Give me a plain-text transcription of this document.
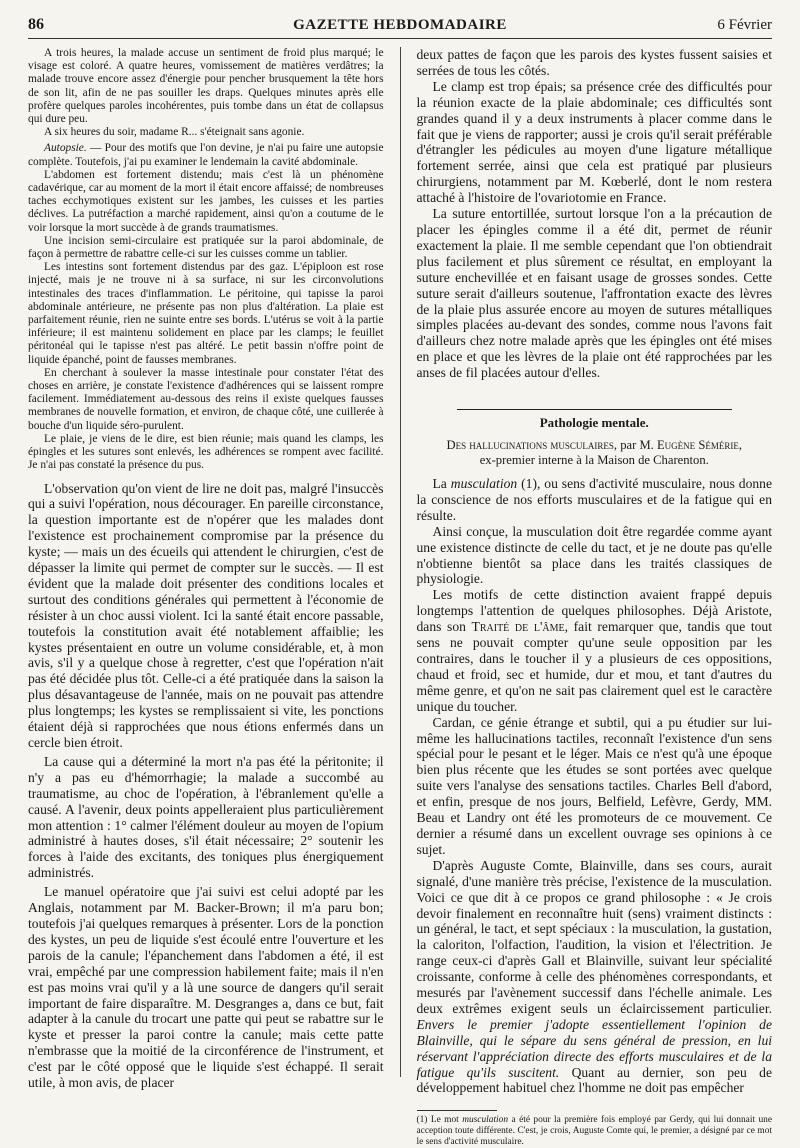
86	GAZETTE HEBDOMADAIRE	6 Février

A trois heures, la malade accuse un sentiment de froid plus marqué; le visage est coloré. A quatre heures, vomissement de matières verdâtres; la malade trouve encore assez d'énergie pour pencher brusquement la tête hors de son lit, afin de ne pas souiller les draps. Quelques minutes après elle profère quelques paroles incohérentes, puis tombe dans un état de collapsus qui dure peu.

A six heures du soir, madame R... s'éteignait sans agonie.

Autopsie. — Pour des motifs que l'on devine, je n'ai pu faire une autopsie complète. Toutefois, j'ai pu examiner le lendemain la cavité abdominale.

L'abdomen est fortement distendu; mais c'est là un phénomène cadavérique, car au moment de la mort il était encore affaissé; de nombreuses taches ecchymotiques existent sur les jambes, les cuisses et les parties déclives. La putréfaction a marché rapidement, ainsi qu'on a coutume de le voir lorsque la mort succède à de grands traumatismes.

Une incision semi-circulaire est pratiquée sur la paroi abdominale, de façon à permettre de rabattre celle-ci sur les cuisses comme un tablier.

Les intestins sont fortement distendus par des gaz. L'épiploon est rose injecté, mais je ne trouve ni à sa surface, ni sur les circonvolutions intestinales des traces d'inflammation. Le péritoine, qui tapisse la paroi abdominale antérieure, ne présente pas non plus d'altération. La plaie est parfaitement réunie, rien ne suinte entre ses bords. L'utérus se voit à la partie inférieure; il est maintenu solidement en place par les clamps; le feuillet péritonéal qui le tapisse n'est pas altéré. Le petit bassin n'offre point de liquide épanché, point de fausses membranes.

En cherchant à soulever la masse intestinale pour constater l'état des choses en arrière, je constate l'existence d'adhérences qui se laissent rompre facilement. Immédiatement au-dessous des reins il existe quelques fausses membranes de nouvelle formation, et environ, de chaque côté, une cuillerée à bouche d'un liquide séro-purulent.

Le plaie, je viens de le dire, est bien réunie; mais quand les clamps, les épingles et les sutures sont enlevés, les adhérences se rompent avec facilité. Je n'ai pas constaté la présence du pus.

L'observation qu'on vient de lire ne doit pas, malgré l'insuccès qui a suivi l'opération, nous décourager. En pareille circonstance, la question importante est de n'opérer que les malades dont l'existence est prochainement compromise par la présence du kyste; — mais un des écueils qui attendent le chirurgien, c'est de dépasser la limite qui permet de compter sur le succès. — Il est évident que la malade doit présenter des conditions locales et surtout des conditions générales qui permettent à l'économie de résister à un choc aussi violent. Ici la santé était encore passable, toutefois la constitution avait été notablement affaiblie; les kystes présentaient en outre un volume considérable, et, à mon avis, s'il y a quelque chose à regretter, c'est que l'opération n'ait pas été décidée plus tôt. Celle-ci a été pratiquée dans la saison la plus désavantageuse de l'année, mais on ne pouvait pas attendre plus longtemps; les kystes se remplissaient si vite, les ponctions étaient déjà si rapprochées que nous étions enfermés dans un cercle bien étroit.

La cause qui a déterminé la mort n'a pas été la péritonite; il n'y a pas eu d'hémorrhagie; la malade a succombé au traumatisme, au choc de l'opération, à l'ébranlement qu'elle a causé. A l'avenir, deux points appelleraient plus particulièrement mon attention : 1° calmer l'élément douleur au moyen de l'opium administré à hautes doses, s'il était nécessaire; 2° soutenir les forces à l'aide des excitants, des toniques plus énergiquement administrés.

Le manuel opératoire que j'ai suivi est celui adopté par les Anglais, notamment par M. Backer-Brown; il m'a paru bon; toutefois j'ai quelques remarques à présenter. Lors de la ponction des kystes, un peu de liquide s'est écoulé entre l'ouverture et les parois de la canule; l'épanchement dans l'abdomen a été, il est vrai, empêché par une compression habilement faite; mais il n'en est pas moins vrai qu'il y a là une source de dangers qu'il serait important de faire disparaître. M. Desgranges a, dans ce but, fait adapter à la canule du trocart une patte qui peut se rabattre sur le kyste et presser la paroi contre la canule; mais cette patte n'embrasse que la moitié de la circonférence de l'instrument, et c'est par le côté opposé que le liquide s'est échappé. Il serait utile, à mon avis, de placer

deux pattes de façon que les parois des kystes fussent saisies et serrées de tous les côtés.

Le clamp est trop épais; sa présence crée des difficultés pour la réunion exacte de la plaie abdominale; ces difficultés sont grandes quand il y a deux instruments à placer comme dans le fait que je viens de rapporter; aussi je crois qu'il serait préférable d'étrangler les pédicules au moyen d'une ligature métallique fortement serrée, ainsi que cela est pratiqué par plusieurs chirurgiens, notamment par M. Kœberlé, dont le nom restera attaché à l'histoire de l'ovariotomie en France.

La suture entortillée, surtout lorsque l'on a la précaution de placer les épingles comme il a été dit, permet de réunir exactement la plaie. Il me semble cependant que l'on obtiendrait plus facilement et plus sûrement ce résultat, en employant la suture enchevillée et en faisant usage de grosses sondes. Cette suture serait d'ailleurs soutenue, l'affrontation exacte des lèvres de la plaie plus assurée encore au moyen de sutures métalliques simples placées au-devant des sondes, comme nous l'avons fait d'ailleurs chez notre malade après que les épingles ont été mises en place et que les lèvres de la plaie ont été rapprochées par les anses de fil placées autour d'elles.

Pathologie mentale.
Des hallucinations musculaires, par M. Eugène Sémérie,
ex-premier interne à la Maison de Charenton.

La musculation (1), ou sens d'activité musculaire, nous donne la conscience de nos efforts musculaires et de la fatigue qui en résulte.

Ainsi conçue, la musculation doit être regardée comme ayant une existence distincte de celle du tact, et je ne doute pas qu'elle n'obtienne bientôt sa place dans les traités classiques de physiologie.

Les motifs de cette distinction avaient frappé depuis longtemps l'attention de quelques philosophes. Déjà Aristote, dans son Traité de l'âme, fait remarquer que, tandis que tout sens ne pouvait compter qu'une seule opposition par les contraires, dans le toucher il y a plusieurs de ces oppositions, chaud et froid, sec et humide, dur et mou, et tant d'autres du même genre, et qu'on ne sait pas clairement quel est le caractère unique du toucher.

Cardan, ce génie étrange et subtil, qui a pu étudier sur lui-même les hallucinations tactiles, reconnaît l'existence d'un sens spécial pour le pesant et le léger. Mais ce n'est qu'à une époque bien plus récente que les études se sont portées avec quelque suite vers l'analyse des sensations tactiles. Charles Bell d'abord, et enfin, presque de nos jours, Belfield, Lefèvre, Gerdy, MM. Beau et Landry ont été les promoteurs de ce mouvement. Ce dernier a résumé dans un excellent ouvrage ses opinions à ce sujet.

D'après Auguste Comte, Blainville, dans ses cours, aurait signalé, d'une manière très précise, l'existence de la musculation. Voici ce que dit à ce propos ce grand philosophe : « Je crois devoir finalement en reconnaître huit (sens) vraiment distincts : un général, le tact, et sept spéciaux : la musculation, la gustation, la caloriton, l'olfaction, l'audition, la vision et l'électrition. Je range ceux-ci d'après Gall et Blainville, suivant leur spécialité croissante, conforme à celle des phénomènes correspondants, et mesurés par l'avènement successif dans l'échelle animale. Les deux extrêmes exigent seuls un éclaircissement particulier. Envers le premier j'adopte essentiellement l'opinion de Blainville, qui le sépare du sens général de pression, en lui réservant l'appréciation directe des efforts musculaires et de la fatigue qu'ils suscitent. Quant au dernier, son peu de développement habituel chez l'homme ne doit pas empêcher

(1) Le mot musculation a été pour la première fois employé par Gerdy, qui lui donnait une acception toute différente. C'est, je crois, Auguste Comte qui, le premier, a désigné par ce mot le sens d'activité musculaire.
